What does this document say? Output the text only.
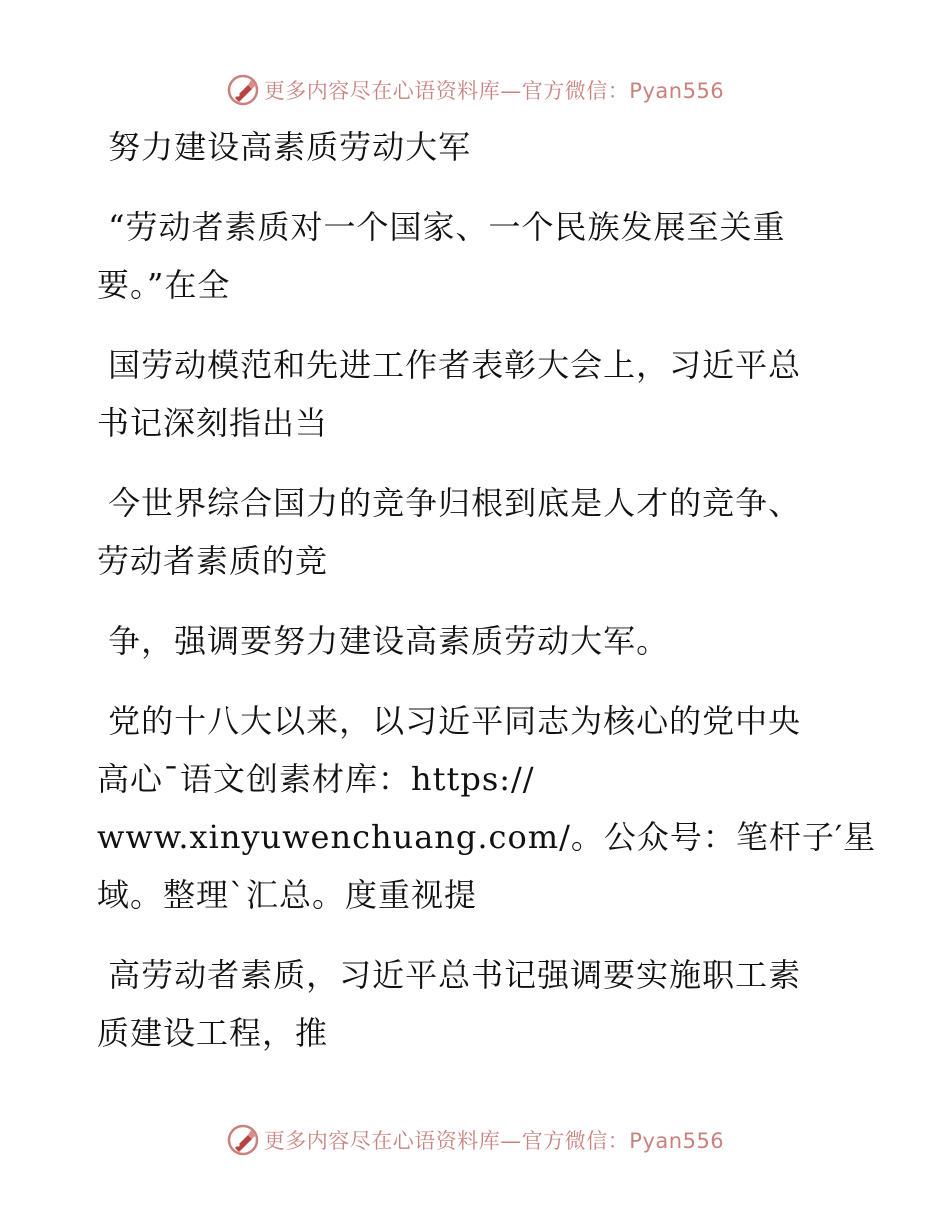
更多内容尽在心语资料库—官方微信：Pyan556
努力建设高素质劳动大军
“劳动者素质对一个国家、一个民族发展至关重
要。”在全
国劳动模范和先进工作者表彰大会上，习近平总
书记深刻指出当
今世界综合国力的竞争归根到底是人才的竞争、
劳动者素质的竞
争，强调要努力建设高素质劳动大军。
党的十八大以来，以习近平同志为核心的党中央
高心¯语文创素材库：https://
www.xinyuwenchuang.com/。公众号：笔杆子′星
域。整理`汇总。度重视提
高劳动者素质，习近平总书记强调要实施职工素
质建设工程，推
更多内容尽在心语资料库—官方微信：Pyan556
